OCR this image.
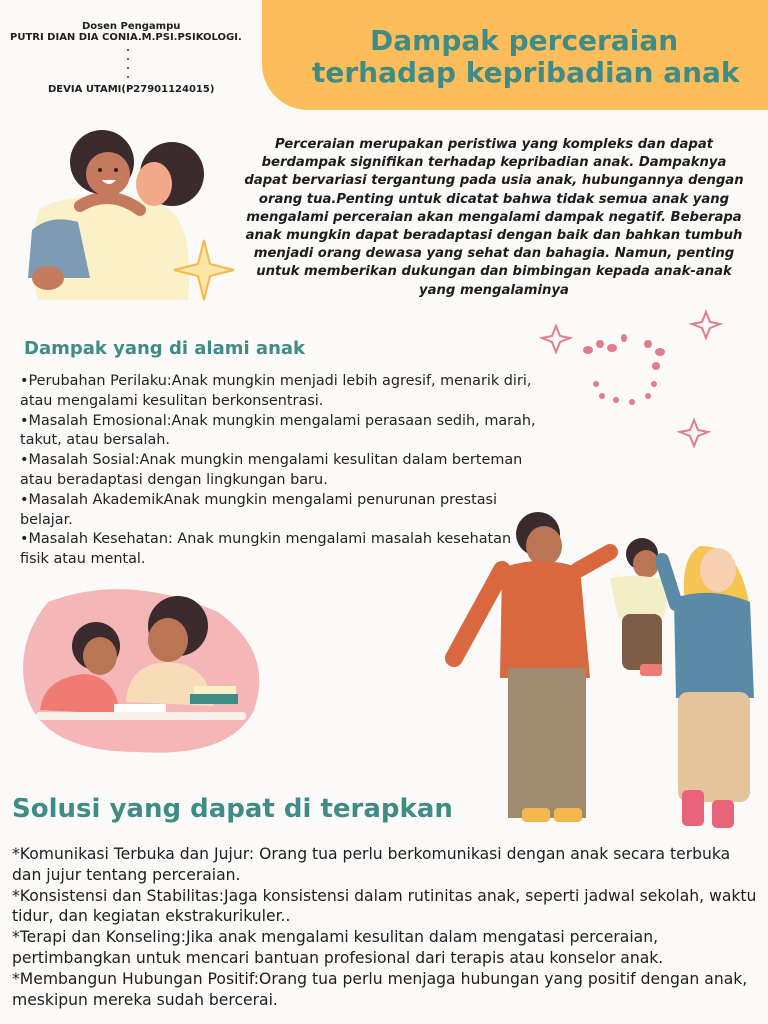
Dampak perceraian
terhadap kepribadian anak
Dosen Pengampu
PUTRI DIAN DIA CONIA.M.PSI.PSIKOLOGI.
DEVIA UTAMI(P27901124015)
Perceraian merupakan peristiwa yang kompleks dan dapat berdampak signifikan terhadap kepribadian anak. Dampaknya dapat bervariasi tergantung pada usia anak, hubungannya dengan orang tua.Penting untuk dicatat bahwa tidak semua anak yang mengalami perceraian akan mengalami dampak negatif. Beberapa anak mungkin dapat beradaptasi dengan baik dan bahkan tumbuh menjadi orang dewasa yang sehat dan bahagia. Namun, penting untuk memberikan dukungan dan bimbingan kepada anak-anak yang mengalaminya
Dampak yang di alami anak
•Perubahan Perilaku:Anak mungkin menjadi lebih agresif, menarik diri, atau mengalami kesulitan berkonsentrasi.
•Masalah Emosional:Anak mungkin mengalami perasaan sedih, marah, takut, atau bersalah.
•Masalah Sosial:Anak mungkin mengalami kesulitan dalam berteman atau beradaptasi dengan lingkungan baru.
•Masalah AkademikAnak mungkin mengalami penurunan prestasi belajar.
•Masalah Kesehatan: Anak mungkin mengalami masalah kesehatan fisik atau mental.
Solusi yang dapat di terapkan
*Komunikasi Terbuka dan Jujur: Orang tua perlu berkomunikasi dengan anak secara terbuka dan jujur tentang perceraian.
*Konsistensi dan Stabilitas:Jaga konsistensi dalam rutinitas anak, seperti jadwal sekolah, waktu tidur, dan kegiatan ekstrakurikuler..
*Terapi dan Konseling:Jika anak mengalami kesulitan dalam mengatasi perceraian, pertimbangkan untuk mencari bantuan profesional dari terapis atau konselor anak.
*Membangun Hubungan Positif:Orang tua perlu menjaga hubungan yang positif dengan anak, meskipun mereka sudah bercerai.
